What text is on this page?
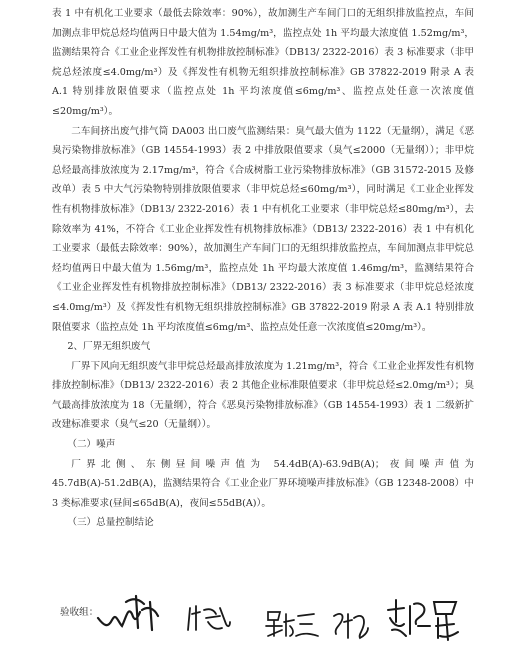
表 1 中有机化工业要求（最低去除效率：90%），故加测生产车间门口的无组织排放监控点，车间加测点非甲烷总烃均值两日中最大值为 1.54mg/m³，监控点处 1h 平均最大浓度值 1.52mg/m³，监测结果符合《工业企业挥发性有机物排放控制标准》（DB13/ 2322-2016）表 3 标准要求（非甲烷总烃浓度≤4.0mg/m³）及《挥发性有机物无组织排放控制标准》GB 37822-2019 附录 A 表 A.1 特别排放限值要求（监控点处 1h 平均浓度值≤6mg/m³、监控点处任意一次浓度值≤20mg/m³）。

二车间挤出废气排气筒 DA003 出口废气监测结果：臭气最大值为 1122（无量纲），满足《恶臭污染物排放标准》（GB 14554-1993）表 2 中排放限值要求（臭气≤2000（无量纲））；非甲烷总烃最高排放浓度为 2.17mg/m³，符合《合成树脂工业污染物排放标准》（GB 31572-2015 及修改单）表 5 中大气污染物特别排放限值要求（非甲烷总烃≤60mg/m³），同时满足《工业企业挥发性有机物排放标准》（DB13/ 2322-2016）表 1 中有机化工业要求（非甲烷总烃≤80mg/m³），去除效率为 41%，不符合《工业企业挥发性有机物排放标准》（DB13/ 2322-2016）表 1 中有机化工业要求（最低去除效率：90%），故加测生产车间门口的无组织排放监控点，车间加测点非甲烷总烃均值两日中最大值为 1.56mg/m³，监控点处 1h 平均最大浓度值 1.46mg/m³，监测结果符合《工业企业挥发性有机物排放控制标准》（DB13/ 2322-2016）表 3 标准要求（非甲烷总烃浓度≤4.0mg/m³）及《挥发性有机物无组织排放控制标准》GB 37822-2019 附录 A 表 A.1 特别排放限值要求（监控点处 1h 平均浓度值≤6mg/m³、监控点处任意一次浓度值≤20mg/m³）。

2、厂界无组织废气

厂界下风向无组织废气非甲烷总烃最高排放浓度为 1.21mg/m³，符合《工业企业挥发性有机物排放控制标准》（DB13/ 2322-2016）表 2 其他企业标准限值要求（非甲烷总烃≤2.0mg/m³）；臭气最高排放浓度为 18（无量纲），符合《恶臭污染物排放标准》（GB 14554-1993）表 1 二级新扩改建标准要求（臭气≤20（无量纲））。

（二）噪声

厂界北侧、东侧昼间噪声值为 54.4dB(A)-63.9dB(A)；夜间噪声值为 45.7dB(A)-51.2dB(A)，监测结果符合《工业企业厂界环境噪声排放标准》（GB 12348-2008）中 3 类标准要求(昼间≤65dB(A)，夜间≤55dB(A)）。

（三）总量控制结论

验收组：
